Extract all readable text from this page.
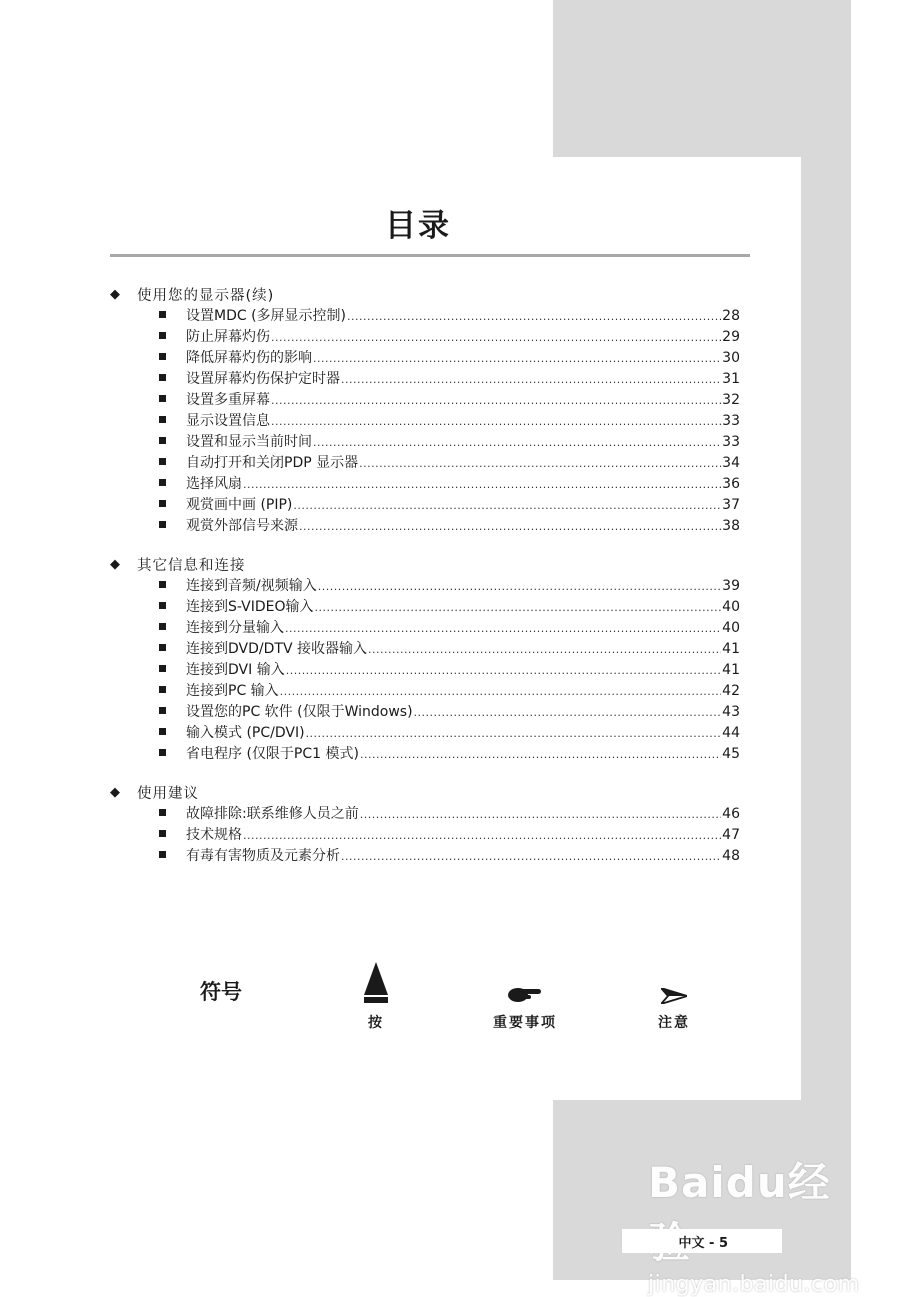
Baidu经
jingyan.baidu.com
中文 - 5
目录
◆ 使用您的显示器(续)
设置MDC (多屏显示控制) .....	28
防止屏幕灼伤 .....	29
降低屏幕灼伤的影响 .....	30
设置屏幕灼伤保护定时器 .....	31
设置多重屏幕 .....	32
显示设置信息 .....	33
设置和显示当前时间 .....	33
自动打开和关闭PDP 显示器 .....	34
选择风扇 .....	36
观赏画中画 (PIP) .....	37
观赏外部信号来源 .....	38
◆ 其它信息和连接
连接到音频/视频输入 .....	39
连接到S-VIDEO输入 .....	40
连接到分量输入 .....	40
连接到DVD/DTV 接收器输入 .....	41
连接到DVI 输入 .....	41
连接到PC 输入 .....	42
设置您的PC 软件 (仅限于Windows) .....	43
输入模式 (PC/DVI) .....	44
省电程序 (仅限于PC1 模式) .....	45
◆ 使用建议
故障排除:联系维修人员之前 .....	46
技术规格 .....	47
有毒有害物质及元素分析 .....	48
符号
按	重要事项	注意
